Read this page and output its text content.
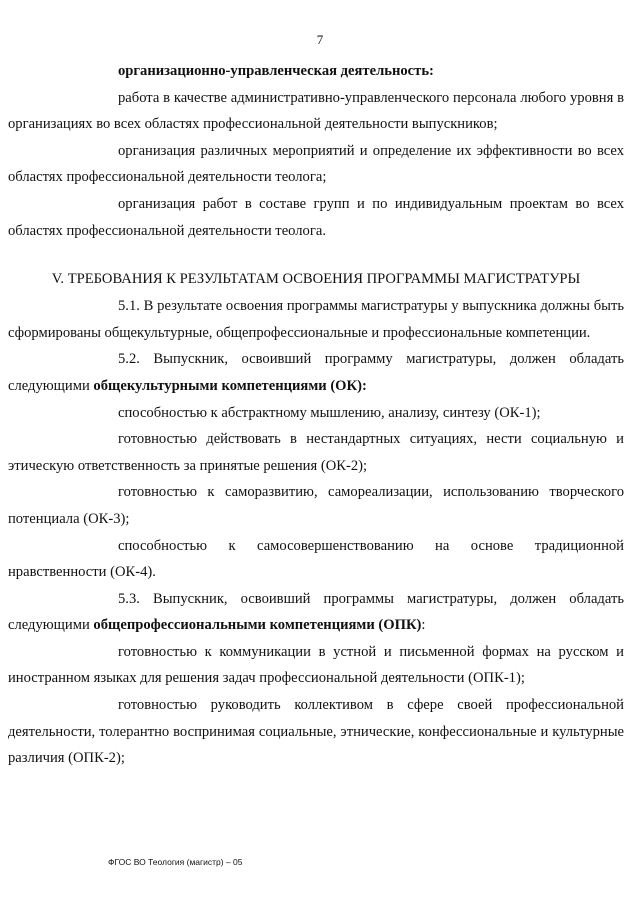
7

организационно-управленческая деятельность:

работа в качестве административно-управленческого персонала любого уровня в организациях во всех областях профессиональной деятельности выпускников;

организация различных мероприятий и определение их эффективности во всех областях профессиональной деятельности теолога;

организация работ в составе групп и по индивидуальным проектам во всех областях профессиональной деятельности теолога.

V. ТРЕБОВАНИЯ К РЕЗУЛЬТАТАМ ОСВОЕНИЯ ПРОГРАММЫ МАГИСТРАТУРЫ

5.1. В результате освоения программы магистратуры у выпускника должны быть сформированы общекультурные, общепрофессиональные и профессиональные компетенции.

5.2. Выпускник, освоивший программу магистратуры, должен обладать следующими общекультурными компетенциями (ОК):

способностью к абстрактному мышлению, анализу, синтезу (ОК-1);

готовностью действовать в нестандартных ситуациях, нести социальную и этическую ответственность за принятые решения (ОК-2);

готовностью к саморазвитию, самореализации, использованию творческого потенциала (ОК-3);

способностью к самосовершенствованию на основе традиционной нравственности (ОК-4).

5.3. Выпускник, освоивший программы магистратуры, должен обладать следующими общепрофессиональными компетенциями (ОПК):

готовностью к коммуникации в устной и письменной формах на русском и иностранном языках для решения задач профессиональной деятельности (ОПК-1);

готовностью руководить коллективом в сфере своей профессиональной деятельности, толерантно воспринимая социальные, этнические, конфессиональные и культурные различия (ОПК-2);

ФГОС ВО Теология (магистр) – 05
